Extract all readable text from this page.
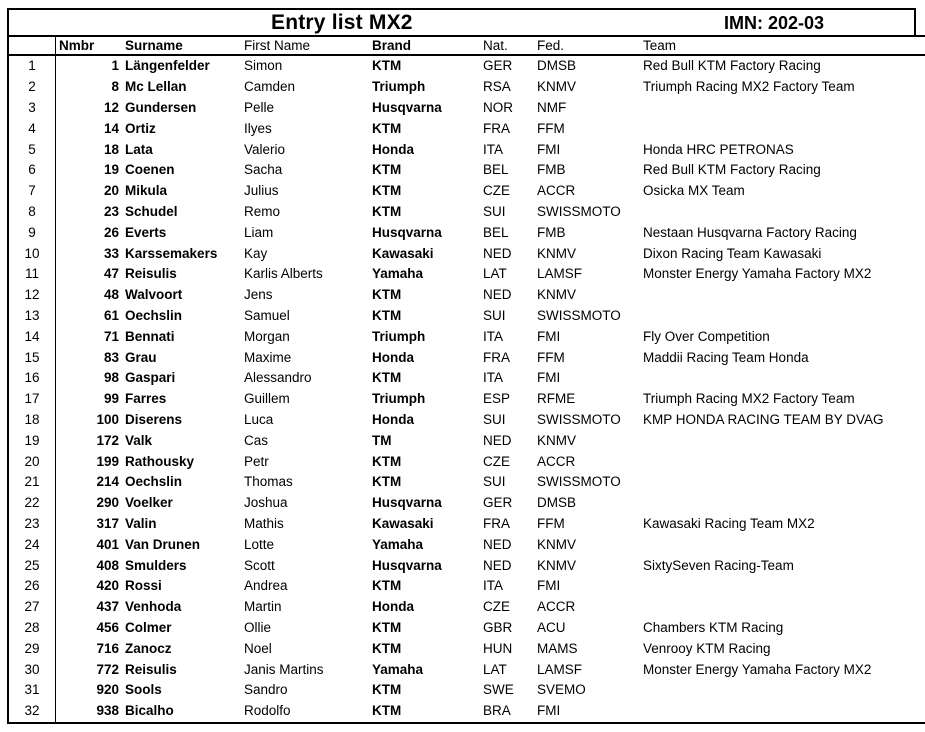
Entry list MX2	IMN: 202-03
	Nmbr	Surname	First Name	Brand	Nat.	Fed.	Team
1	1	Längenfelder	Simon	KTM	GER	DMSB	Red Bull KTM Factory Racing
2	8	Mc Lellan	Camden	Triumph	RSA	KNMV	Triumph Racing MX2 Factory Team
3	12	Gundersen	Pelle	Husqvarna	NOR	NMF	
4	14	Ortiz	Ilyes	KTM	FRA	FFM	
5	18	Lata	Valerio	Honda	ITA	FMI	Honda HRC PETRONAS
6	19	Coenen	Sacha	KTM	BEL	FMB	Red Bull KTM Factory Racing
7	20	Mikula	Julius	KTM	CZE	ACCR	Osicka MX Team
8	23	Schudel	Remo	KTM	SUI	SWISSMOTO	
9	26	Everts	Liam	Husqvarna	BEL	FMB	Nestaan Husqvarna Factory Racing
10	33	Karssemakers	Kay	Kawasaki	NED	KNMV	Dixon Racing Team Kawasaki
11	47	Reisulis	Karlis Alberts	Yamaha	LAT	LAMSF	Monster Energy Yamaha Factory MX2
12	48	Walvoort	Jens	KTM	NED	KNMV	
13	61	Oechslin	Samuel	KTM	SUI	SWISSMOTO	
14	71	Bennati	Morgan	Triumph	ITA	FMI	Fly Over Competition
15	83	Grau	Maxime	Honda	FRA	FFM	Maddii Racing Team Honda
16	98	Gaspari	Alessandro	KTM	ITA	FMI	
17	99	Farres	Guillem	Triumph	ESP	RFME	Triumph Racing MX2 Factory Team
18	100	Diserens	Luca	Honda	SUI	SWISSMOTO	KMP HONDA RACING TEAM BY DVAG
19	172	Valk	Cas	TM	NED	KNMV	
20	199	Rathousky	Petr	KTM	CZE	ACCR	
21	214	Oechslin	Thomas	KTM	SUI	SWISSMOTO	
22	290	Voelker	Joshua	Husqvarna	GER	DMSB	
23	317	Valin	Mathis	Kawasaki	FRA	FFM	Kawasaki Racing Team MX2
24	401	Van Drunen	Lotte	Yamaha	NED	KNMV	
25	408	Smulders	Scott	Husqvarna	NED	KNMV	SixtySeven Racing-Team
26	420	Rossi	Andrea	KTM	ITA	FMI	
27	437	Venhoda	Martin	Honda	CZE	ACCR	
28	456	Colmer	Ollie	KTM	GBR	ACU	Chambers KTM Racing
29	716	Zanocz	Noel	KTM	HUN	MAMS	Venrooy KTM Racing
30	772	Reisulis	Janis Martins	Yamaha	LAT	LAMSF	Monster Energy Yamaha Factory MX2
31	920	Sools	Sandro	KTM	SWE	SVEMO	
32	938	Bicalho	Rodolfo	KTM	BRA	FMI	
